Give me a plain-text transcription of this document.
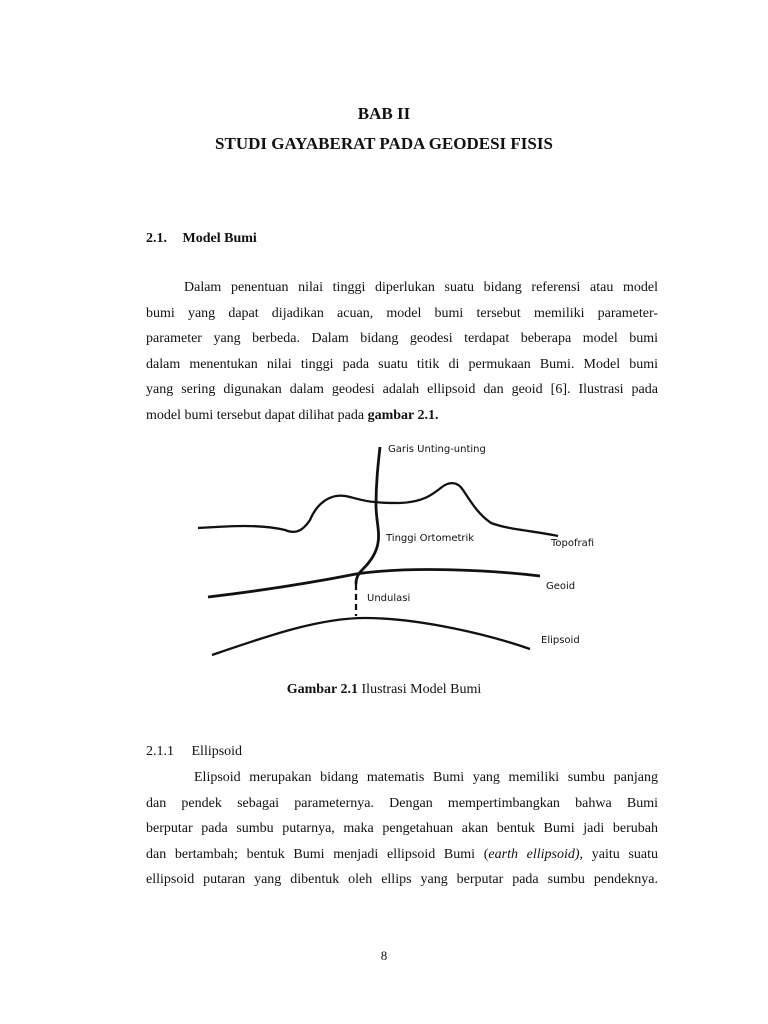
BAB II
STUDI GAYABERAT PADA GEODESI FISIS
2.1. Model Bumi
Dalam penentuan nilai tinggi diperlukan suatu bidang referensi atau model
bumi yang dapat dijadikan acuan, model bumi tersebut memiliki parameter-
parameter yang berbeda. Dalam bidang geodesi terdapat beberapa model bumi
dalam menentukan nilai tinggi pada suatu titik di permukaan Bumi. Model bumi
yang sering digunakan dalam geodesi adalah ellipsoid dan geoid [6]. Ilustrasi pada
model bumi tersebut dapat dilihat pada gambar 2.1.
Garis Unting-unting
Tinggi Ortometrik	Topofrafi
Geoid
Undulasi
Elipsoid
Gambar 2.1 Ilustrasi Model Bumi
2.1.1 Ellipsoid
Elipsoid merupakan bidang matematis Bumi yang memiliki sumbu panjang
dan pendek sebagai parameternya. Dengan mempertimbangkan bahwa Bumi
berputar pada sumbu putarnya, maka pengetahuan akan bentuk Bumi jadi berubah
dan bertambah; bentuk Bumi menjadi ellipsoid Bumi (earth ellipsoid), yaitu suatu
ellipsoid putaran yang dibentuk oleh ellips yang berputar pada sumbu pendeknya.
8
